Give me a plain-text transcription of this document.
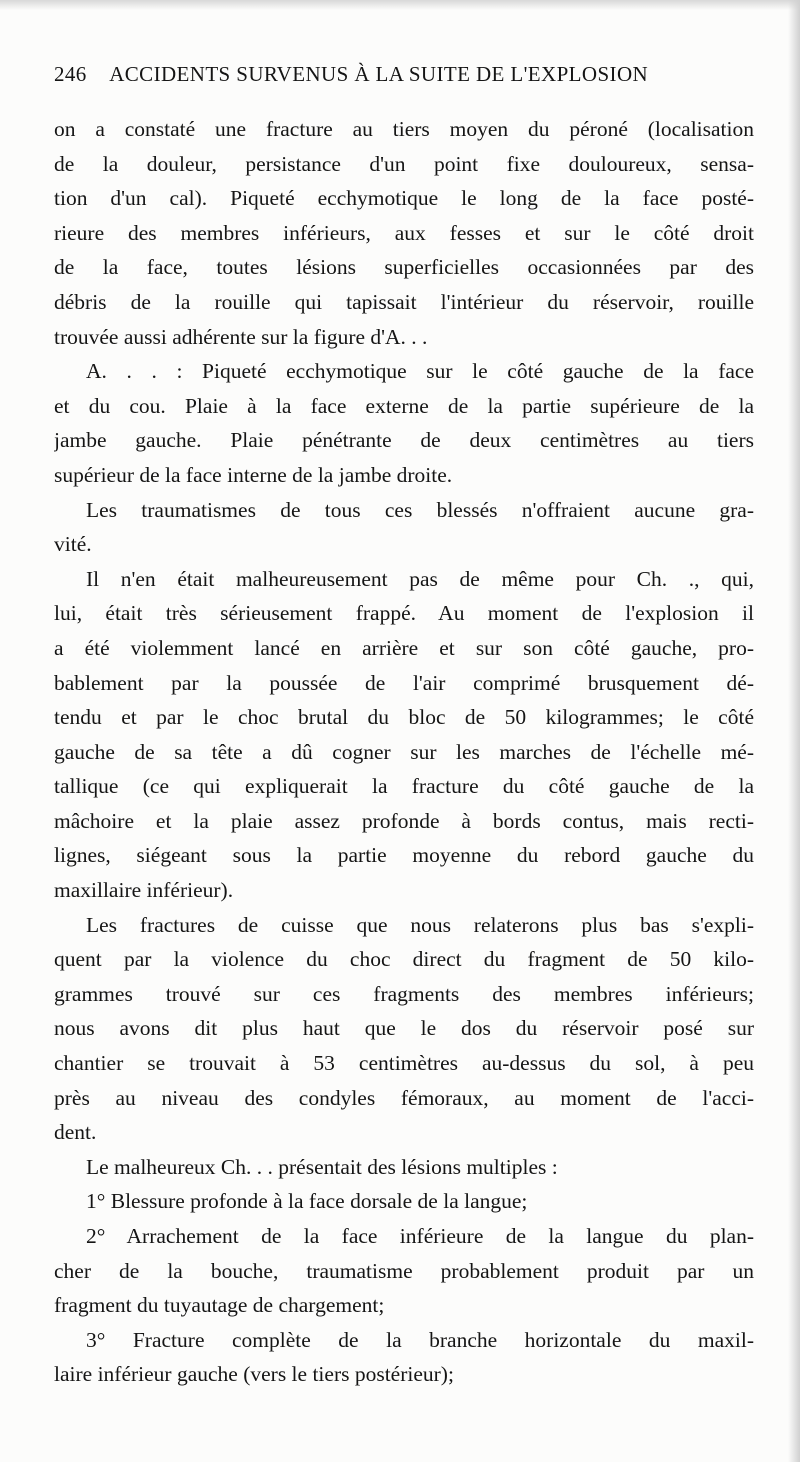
246 ACCIDENTS SURVENUS À LA SUITE DE L'EXPLOSION
on a constaté une fracture au tiers moyen du péroné (localisation
de la douleur, persistance d'un point fixe douloureux, sensa-
tion d'un cal). Piqueté ecchymotique le long de la face posté-
rieure des membres inférieurs, aux fesses et sur le côté droit
de la face, toutes lésions superficielles occasionnées par des
débris de la rouille qui tapissait l'intérieur du réservoir, rouille
trouvée aussi adhérente sur la figure d'A. . .
A. . . : Piqueté ecchymotique sur le côté gauche de la face
et du cou. Plaie à la face externe de la partie supérieure de la
jambe gauche. Plaie pénétrante de deux centimètres au tiers
supérieur de la face interne de la jambe droite.
Les traumatismes de tous ces blessés n'offraient aucune gra-
vité.
Il n'en était malheureusement pas de même pour Ch. ., qui,
lui, était très sérieusement frappé. Au moment de l'explosion il
a été violemment lancé en arrière et sur son côté gauche, pro-
bablement par la poussée de l'air comprimé brusquement dé-
tendu et par le choc brutal du bloc de 50 kilogrammes; le côté
gauche de sa tête a dû cogner sur les marches de l'échelle mé-
tallique (ce qui expliquerait la fracture du côté gauche de la
mâchoire et la plaie assez profonde à bords contus, mais recti-
lignes, siégeant sous la partie moyenne du rebord gauche du
maxillaire inférieur).
Les fractures de cuisse que nous relaterons plus bas s'expli-
quent par la violence du choc direct du fragment de 50 kilo-
grammes trouvé sur ces fragments des membres inférieurs;
nous avons dit plus haut que le dos du réservoir posé sur
chantier se trouvait à 53 centimètres au-dessus du sol, à peu
près au niveau des condyles fémoraux, au moment de l'acci-
dent.
Le malheureux Ch. . . présentait des lésions multiples :
1° Blessure profonde à la face dorsale de la langue;
2° Arrachement de la face inférieure de la langue du plan-
cher de la bouche, traumatisme probablement produit par un
fragment du tuyautage de chargement;
3° Fracture complète de la branche horizontale du maxil-
laire inférieur gauche (vers le tiers postérieur);
